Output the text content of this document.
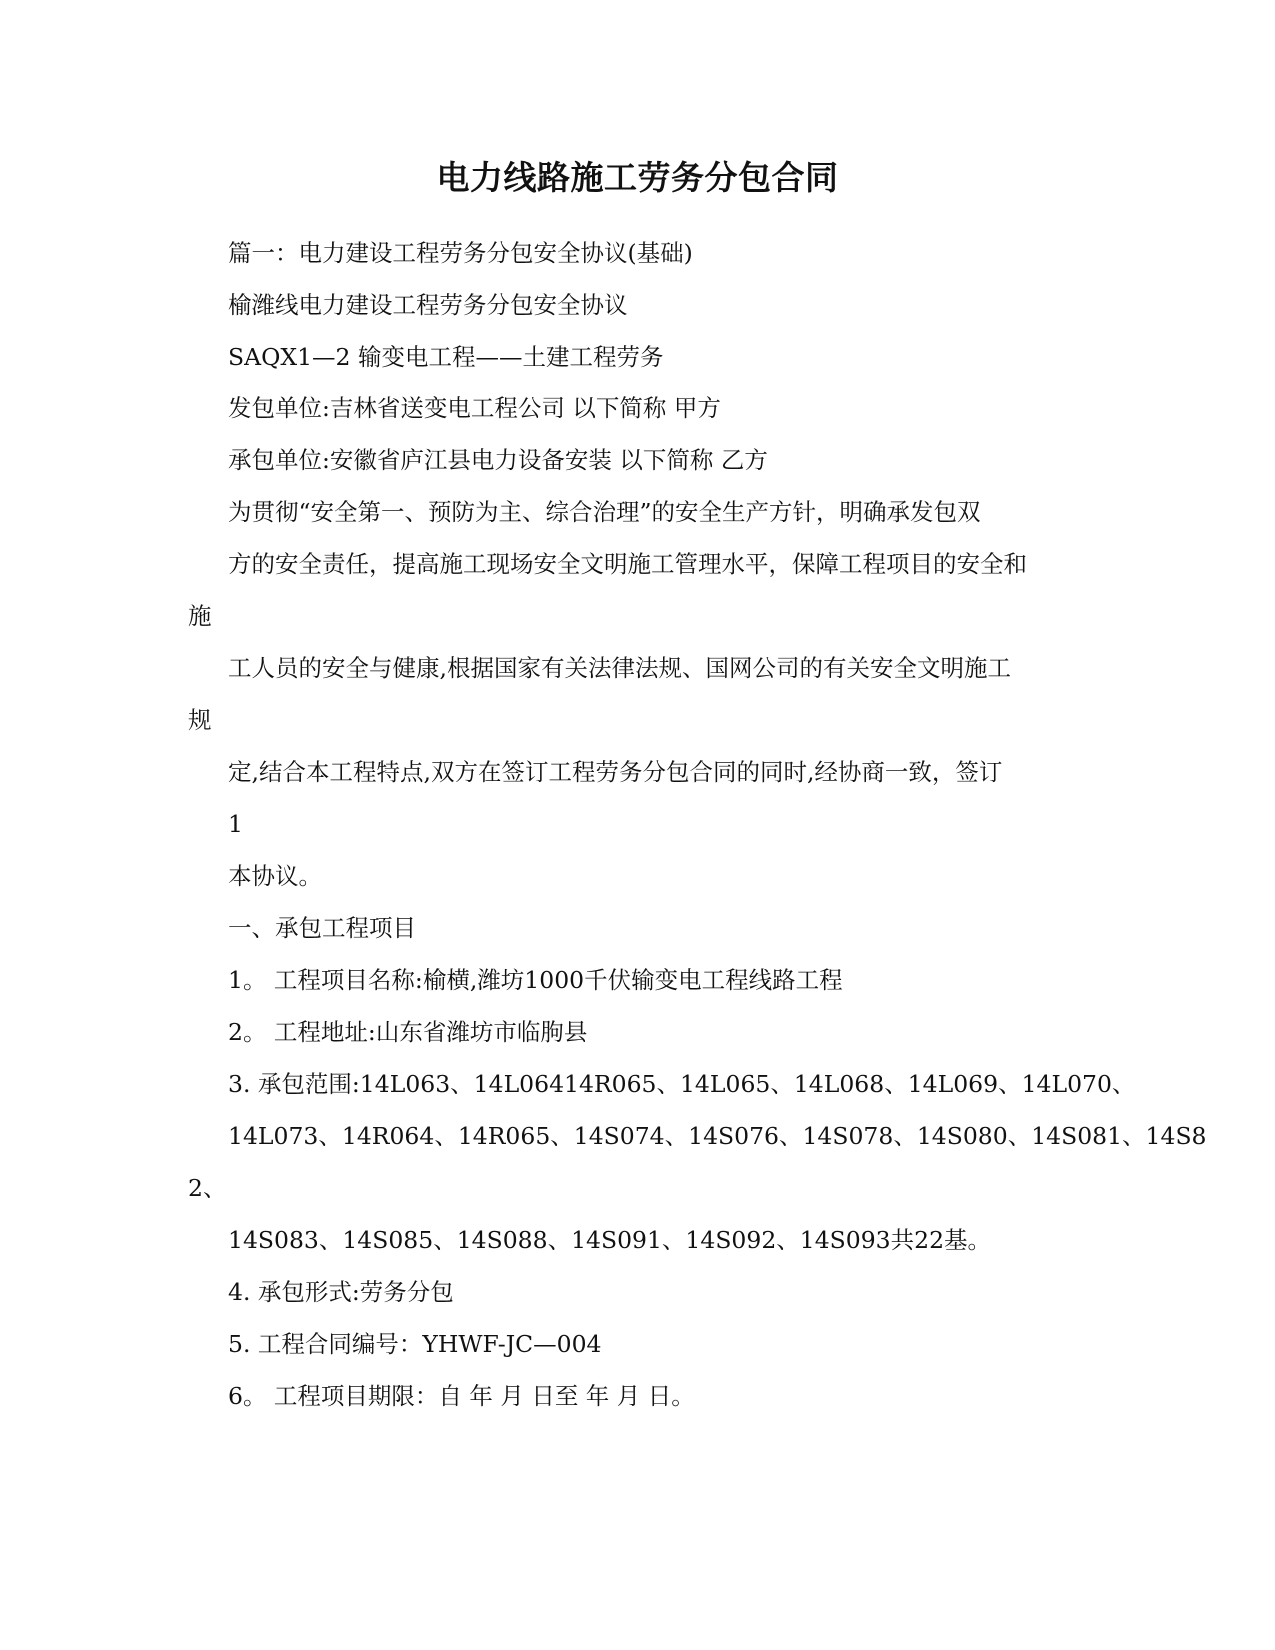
电力线路施工劳务分包合同
篇一：电力建设工程劳务分包安全协议(基础)
榆潍线电力建设工程劳务分包安全协议
SAQX1—2 输变电工程——土建工程劳务
发包单位:吉林省送变电工程公司 以下简称 甲方
承包单位:安徽省庐江县电力设备安装 以下简称 乙方
为贯彻“安全第一、预防为主、综合治理”的安全生产方针，明确承发包双
方的安全责任，提高施工现场安全文明施工管理水平，保障工程项目的安全和
施
工人员的安全与健康,根据国家有关法律法规、国网公司的有关安全文明施工
规
定,结合本工程特点,双方在签订工程劳务分包合同的同时,经协商一致，签订
1
本协议。
一、承包工程项目
1。 工程项目名称:榆横,潍坊1000千伏输变电工程线路工程
2。 工程地址:山东省潍坊市临朐县
3. 承包范围:14L063、14L06414R065、14L065、14L068、14L069、14L070、
14L073、14R064、14R065、14S074、14S076、14S078、14S080、14S081、14S8
2、
14S083、14S085、14S088、14S091、14S092、14S093共22基。
4. 承包形式:劳务分包
5. 工程合同编号：YHWF-JC—004
6。 工程项目期限：自 年 月 日至 年 月 日。
